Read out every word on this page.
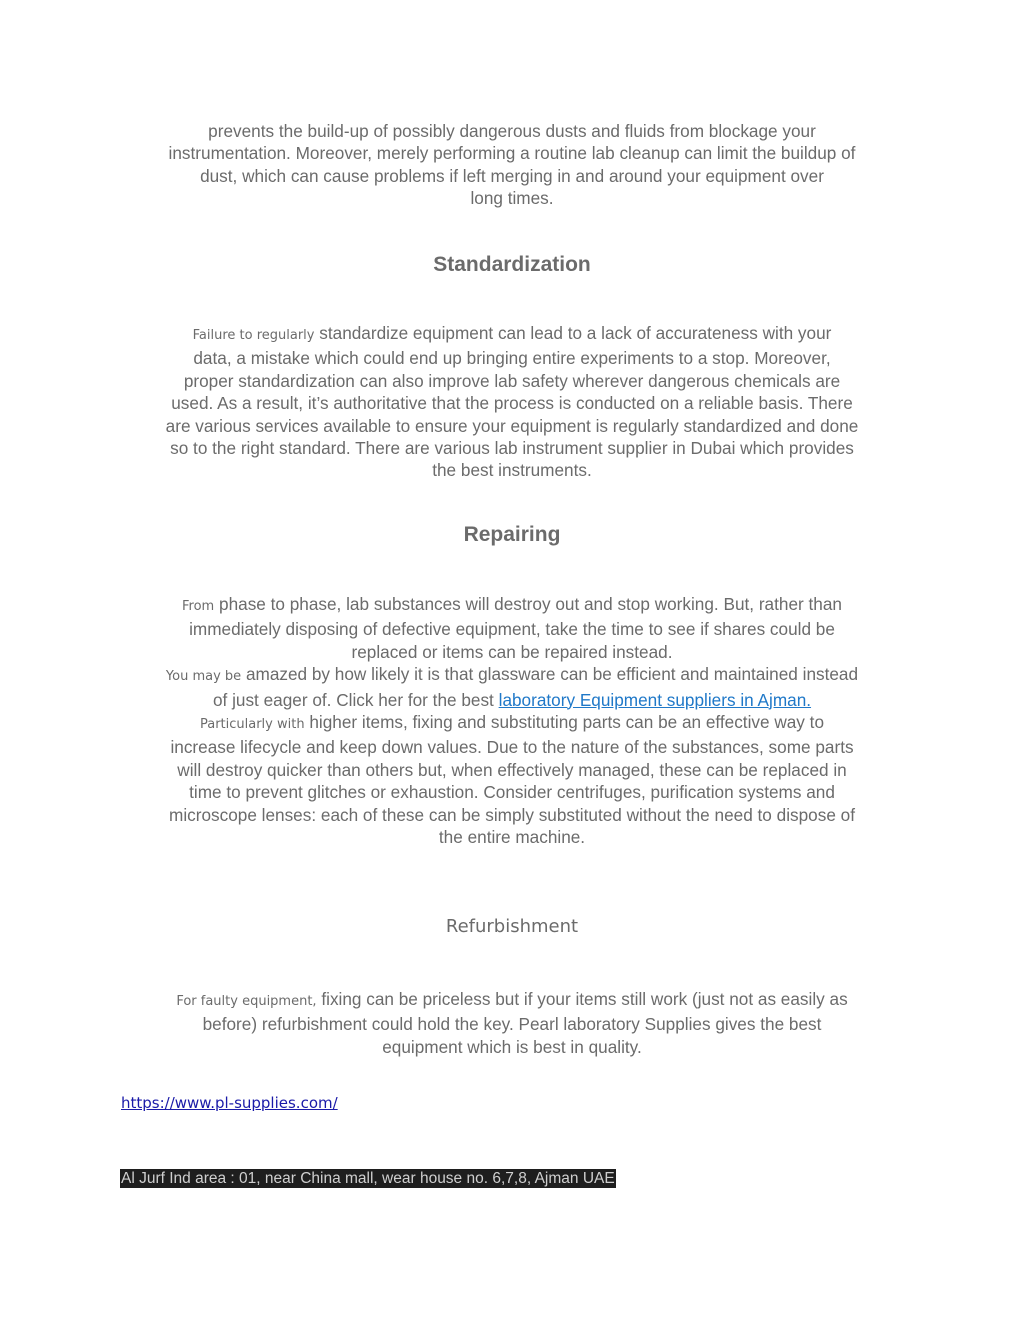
prevents the build-up of possibly dangerous dusts and fluids from blockage your
instrumentation. Moreover, merely performing a routine lab cleanup can limit the buildup of
dust, which can cause problems if left merging in and around your equipment over
long times.
Standardization
Failure to regularly standardize equipment can lead to a lack of accurateness with your
data, a mistake which could end up bringing entire experiments to a stop. Moreover,
proper standardization can also improve lab safety wherever dangerous chemicals are
used. As a result, it’s authoritative that the process is conducted on a reliable basis. There
are various services available to ensure your equipment is regularly standardized and done
so to the right standard. There are various lab instrument supplier in Dubai which provides
the best instruments.
Repairing
From phase to phase, lab substances will destroy out and stop working. But, rather than
immediately disposing of defective equipment, take the time to see if shares could be
replaced or items can be repaired instead.
You may be amazed by how likely it is that glassware can be efficient and maintained instead
of just eager of. Click her for the best laboratory Equipment suppliers in Ajman.
Particularly with higher items, fixing and substituting parts can be an effective way to
increase lifecycle and keep down values. Due to the nature of the substances, some parts
will destroy quicker than others but, when effectively managed, these can be replaced in
time to prevent glitches or exhaustion. Consider centrifuges, purification systems and
microscope lenses: each of these can be simply substituted without the need to dispose of
the entire machine.
Refurbishment
For faulty equipment, fixing can be priceless but if your items still work (just not as easily as
before) refurbishment could hold the key. Pearl laboratory Supplies gives the best
equipment which is best in quality.
https://www.pl-supplies.com/
Al Jurf Ind area : 01, near China mall, wear house no. 6,7,8, Ajman UAE
